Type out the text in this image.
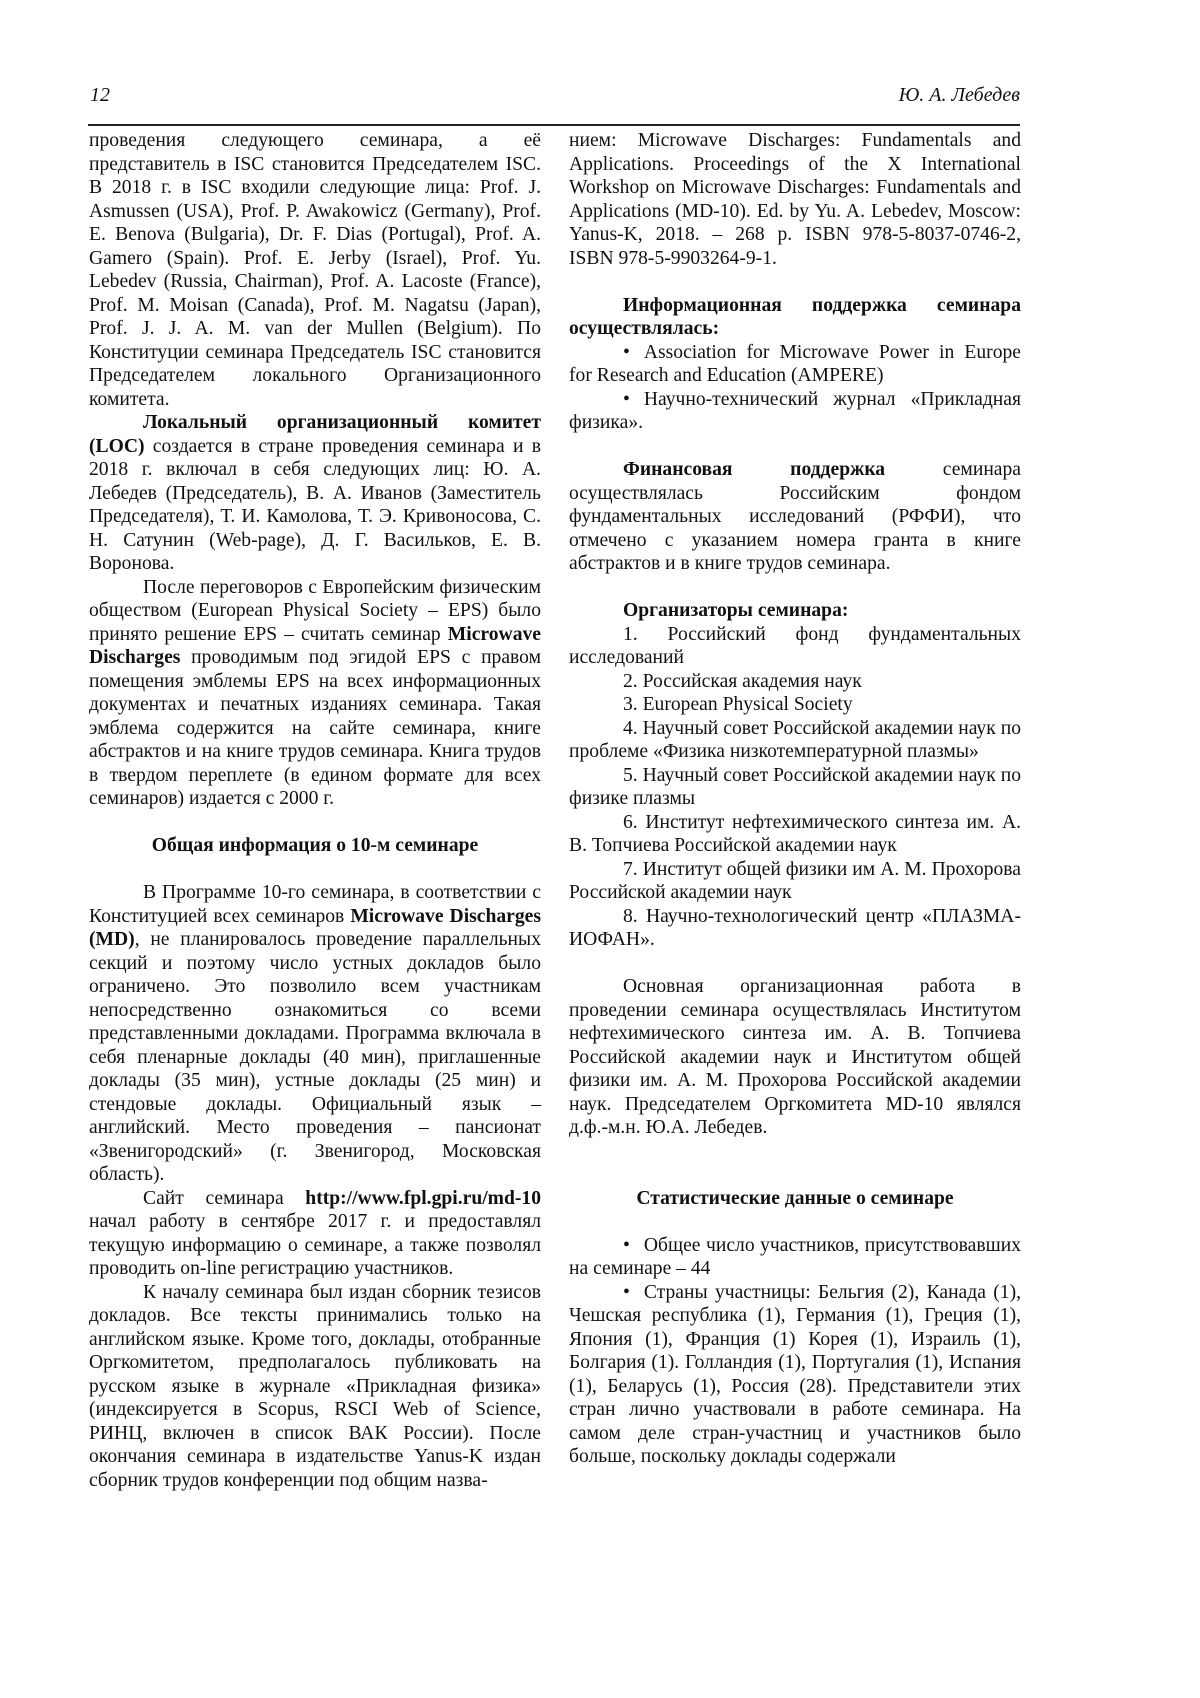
12	Ю. А. Лебедев

проведения следующего семинара, а её представитель в ISC становится Председателем ISC. В 2018 г. в ISC входили следующие лица: Prof. J. Asmussen (USA), Prof. P. Awakowicz (Germany), Prof. E. Benova (Bulgaria), Dr. F. Dias (Portugal), Prof. A. Gamero (Spain). Prof. E. Jerby (Israel), Prof. Yu. Lebedev (Russia, Chairman), Prof. A. Lacoste (France), Prof. M. Moisan (Canada), Prof. M. Nagatsu (Japan), Prof. J. J. A. M. van der Mullen (Belgium). По Конституции семинара Председатель ISC становится Председателем локального Организационного комитета.

Локальный организационный комитет (LOC) создается в стране проведения семинара и в 2018 г. включал в себя следующих лиц: Ю. А. Лебедев (Председатель), В. А. Иванов (Заместитель Председателя), Т. И. Камолова, Т. Э. Кривоносова, С. Н. Сатунин (Web-page), Д. Г. Васильков, Е. В. Воронова.

После переговоров с Европейским физическим обществом (European Physical Society – EPS) было принято решение EPS – считать семинар Microwave Discharges проводимым под эгидой EPS с правом помещения эмблемы EPS на всех информационных документах и печатных изданиях семинара. Такая эмблема содержится на сайте семинара, книге абстрактов и на книге трудов семинара. Книга трудов в твердом переплете (в едином формате для всех семинаров) издается с 2000 г.

Общая информация о 10-м семинаре

В Программе 10-го семинара, в соответствии с Конституцией всех семинаров Microwave Discharges (MD), не планировалось проведение параллельных секций и поэтому число устных докладов было ограничено. Это позволило всем участникам непосредственно ознакомиться со всеми представленными докладами. Программа включала в себя пленарные доклады (40 мин), приглашенные доклады (35 мин), устные доклады (25 мин) и стендовые доклады. Официальный язык – английский. Место проведения – пансионат «Звенигородский» (г. Звенигород, Московская область).

Сайт семинара http://www.fpl.gpi.ru/md-10 начал работу в сентябре 2017 г. и предоставлял текущую информацию о семинаре, а также позволял проводить on-line регистрацию участников.

К началу семинара был издан сборник тезисов докладов. Все тексты принимались только на английском языке. Кроме того, доклады, отобранные Оргкомитетом, предполагалось публиковать на русском языке в журнале «Прикладная физика» (индексируется в Scopus, RSCI Web of Science, РИНЦ, включен в список ВАК России). После окончания семинара в издательстве Yanus-K издан сборник трудов конференции под общим назва-

нием: Microwave Discharges: Fundamentals and Applications. Proceedings of the X International Workshop on Microwave Discharges: Fundamentals and Applications (MD-10). Ed. by Yu. A. Lebedev, Moscow: Yanus-K, 2018. – 268 p. ISBN 978-5-8037-0746-2, ISBN 978-5-9903264-9-1.

Информационная поддержка семинара осуществлялась:

• Association for Microwave Power in Europe for Research and Education (AMPERE)

• Научно-технический журнал «Прикладная физика».

Финансовая поддержка семинара осуществлялась Российским фондом фундаментальных исследований (РФФИ), что отмечено с указанием номера гранта в книге абстрактов и в книге трудов семинара.

Организаторы семинара:

1. Российский фонд фундаментальных исследований

2. Российская академия наук

3. European Physical Society

4. Научный совет Российской академии наук по проблеме «Физика низкотемпературной плазмы»

5. Научный совет Российской академии наук по физике плазмы

6. Институт нефтехимического синтеза им. А. В. Топчиева Российской академии наук

7. Институт общей физики им А. М. Прохорова Российской академии наук

8. Научно-технологический центр «ПЛАЗМА-ИОФАН».

Основная организационная работа в проведении семинара осуществлялась Институтом нефтехимического синтеза им. А. В. Топчиева Российской академии наук и Институтом общей физики им. А. М. Прохорова Российской академии наук. Председателем Оргкомитета MD-10 являлся д.ф.-м.н. Ю.А. Лебедев.

Статистические данные о семинаре

• Общее число участников, присутствовавших на семинаре – 44

• Страны участницы: Бельгия (2), Канада (1), Чешская республика (1), Германия (1), Греция (1), Япония (1), Франция (1) Корея (1), Израиль (1), Болгария (1). Голландия (1), Португалия (1), Испания (1), Беларусь (1), Россия (28). Представители этих стран лично участвовали в работе семинара. На самом деле стран-участниц и участников было больше, поскольку доклады содержали
